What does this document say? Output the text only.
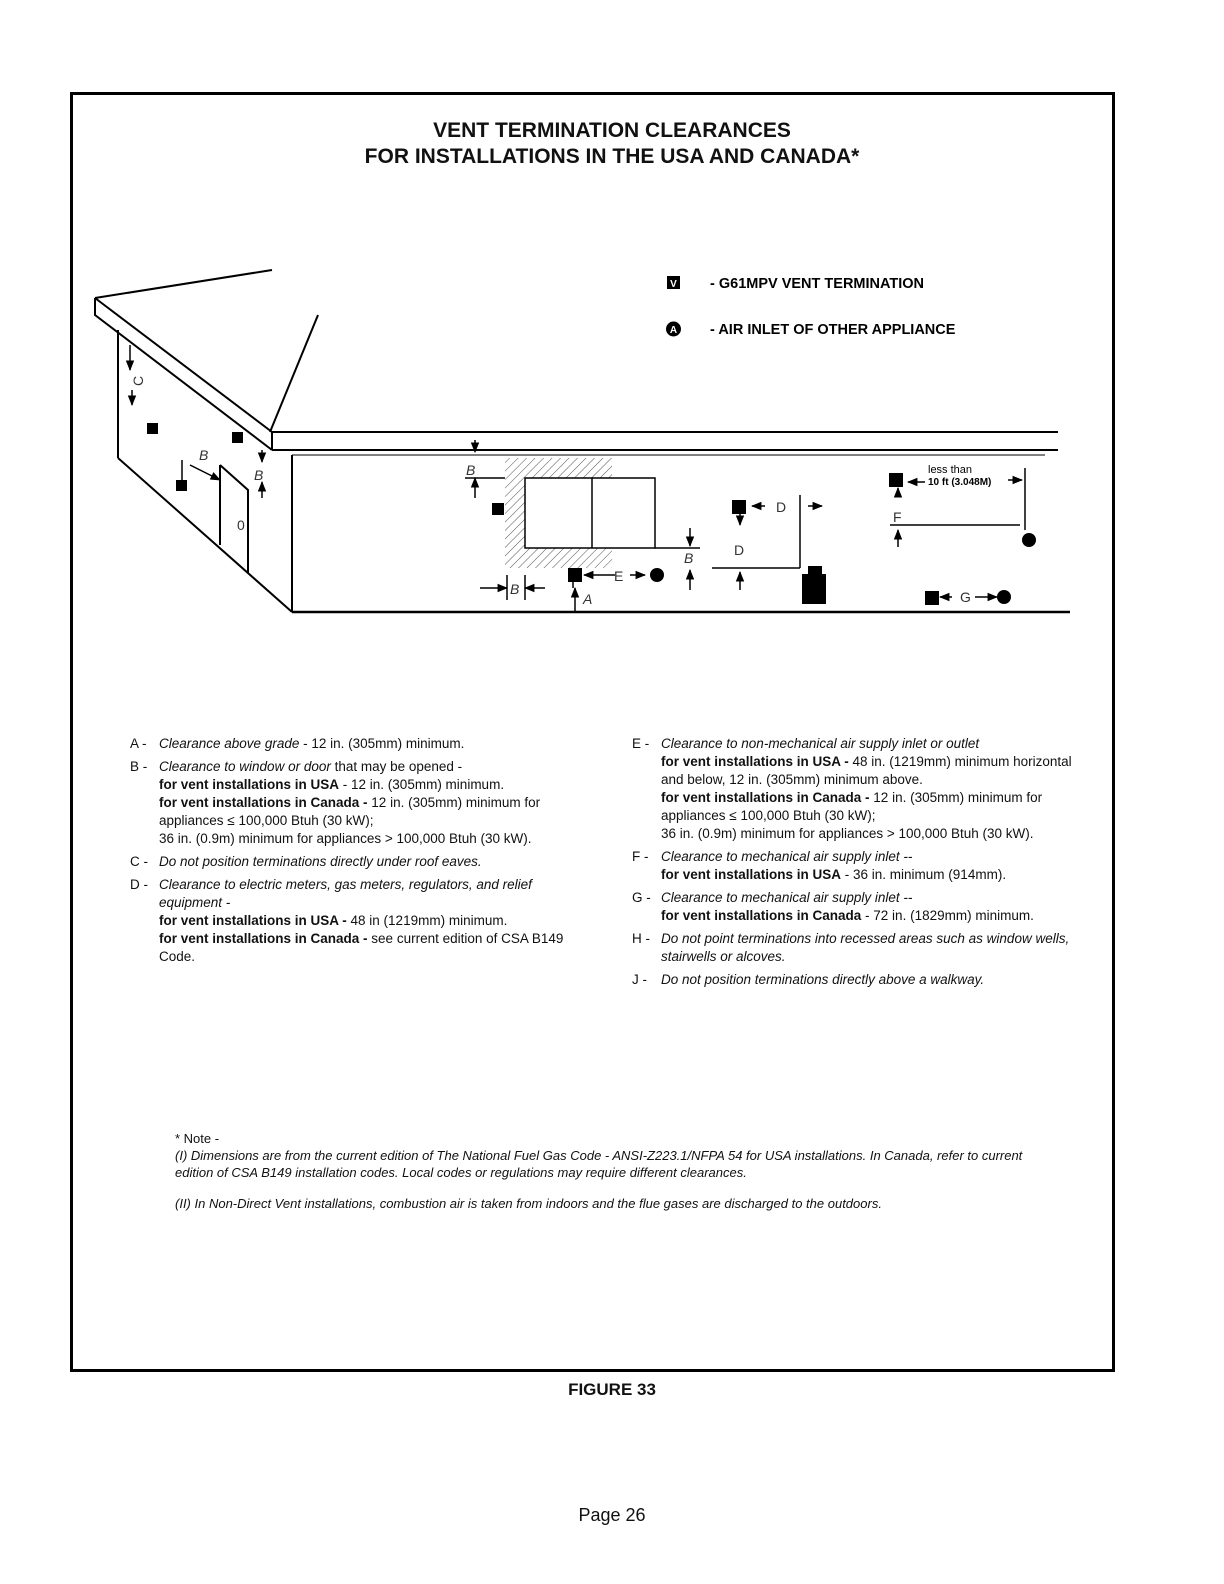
VENT TERMINATION CLEARANCES
FOR INSTALLATIONS IN THE USA AND CANADA*
V
A
- G61MPV VENT TERMINATION
- AIR INLET OF OTHER APPLIANCE
C
B
B
0
B
B
A
B
E
D
D
F
G
less than
10 ft (3.048M)
A - Clearance above grade - 12 in. (305mm) minimum.
B - Clearance to window or door that may be opened -
for vent installations in USA - 12 in. (305mm) minimum.
for vent installations in Canada - 12 in. (305mm) minimum for appliances ≤ 100,000 Btuh (30 kW);
36 in. (0.9m) minimum for appliances > 100,000 Btuh (30 kW).
C - Do not position terminations directly under roof eaves.
D - Clearance to electric meters, gas meters, regulators, and relief equipment -
for vent installations in USA - 48 in (1219mm) minimum.
for vent installations in Canada - see current edition of CSA B149 Code.
E - Clearance to non-mechanical air supply inlet or outlet
for vent installations in USA - 48 in. (1219mm) minimum horizontal and below, 12 in. (305mm) minimum above.
for vent installations in Canada - 12 in. (305mm) minimum for appliances ≤ 100,000 Btuh (30 kW);
36 in. (0.9m) minimum for appliances > 100,000 Btuh (30 kW).
F - Clearance to mechanical air supply inlet --
for vent installations in USA - 36 in. minimum (914mm).
G - Clearance to mechanical air supply inlet --
for vent installations in Canada - 72 in. (1829mm) minimum.
H - Do not point terminations into recessed areas such as window wells, stairwells or alcoves.
J - Do not position terminations directly above a walkway.
* Note -

(I) Dimensions are from the current edition of The National Fuel Gas Code - ANSI-Z223.1/NFPA 54 for USA installations. In Canada, refer to current edition of CSA B149 installation codes. Local codes or regulations may require different clearances.

(II) In Non-Direct Vent installations, combustion air is taken from indoors and the flue gases are discharged to the outdoors.

FIGURE 33
Page 26
